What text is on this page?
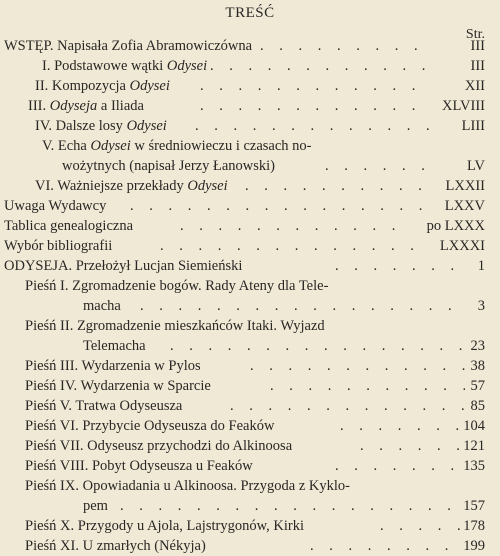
TREŚĆ
Str.
WSTĘP. Napisała Zofia Abramowiczówna . . .	III
I. Podstawowe wątki Odysei . . .	III
II. Kompozycja Odysei . . .	XII
III. Odyseja a Iliada . . .	XLVIII
IV. Dalsze losy Odysei . . .	LIII
V. Echa Odysei w średniowieczu i czasach no-
wożytnych (napisał Jerzy Łanowski) . . .	LV
VI. Ważniejsze przekłady Odysei . . .	LXXII
Uwaga Wydawcy . . .	LXXV
Tablica genealogiczna . . .	po LXXX
Wybór bibliografii . . .	LXXXI
ODYSEJA. Przełożył Lucjan Siemieński . . .	1
Pieśń I. Zgromadzenie bogów. Rady Ateny dla Tele-
macha . . .	3
Pieśń II. Zgromadzenie mieszkańców Itaki. Wyjazd
Telemacha . . .	23
Pieśń III. Wydarzenia w Pylos . . .	38
Pieśń IV. Wydarzenia w Sparcie . . .	57
Pieśń V. Tratwa Odyseusza . . .	85
Pieśń VI. Przybycie Odyseusza do Feaków . . .	104
Pieśń VII. Odyseusz przychodzi do Alkinoosa . . .	121
Pieśń VIII. Pobyt Odyseusza u Feaków . . .	135
Pieśń IX. Opowiadania u Alkinoosa. Przygoda z Kyklo-
pem . . .	157
Pieśń X. Przygody u Ajola, Lajstrygonów, Kirki . . .	178
Pieśń XI. U zmarłych (Nékyja) . . .	199
